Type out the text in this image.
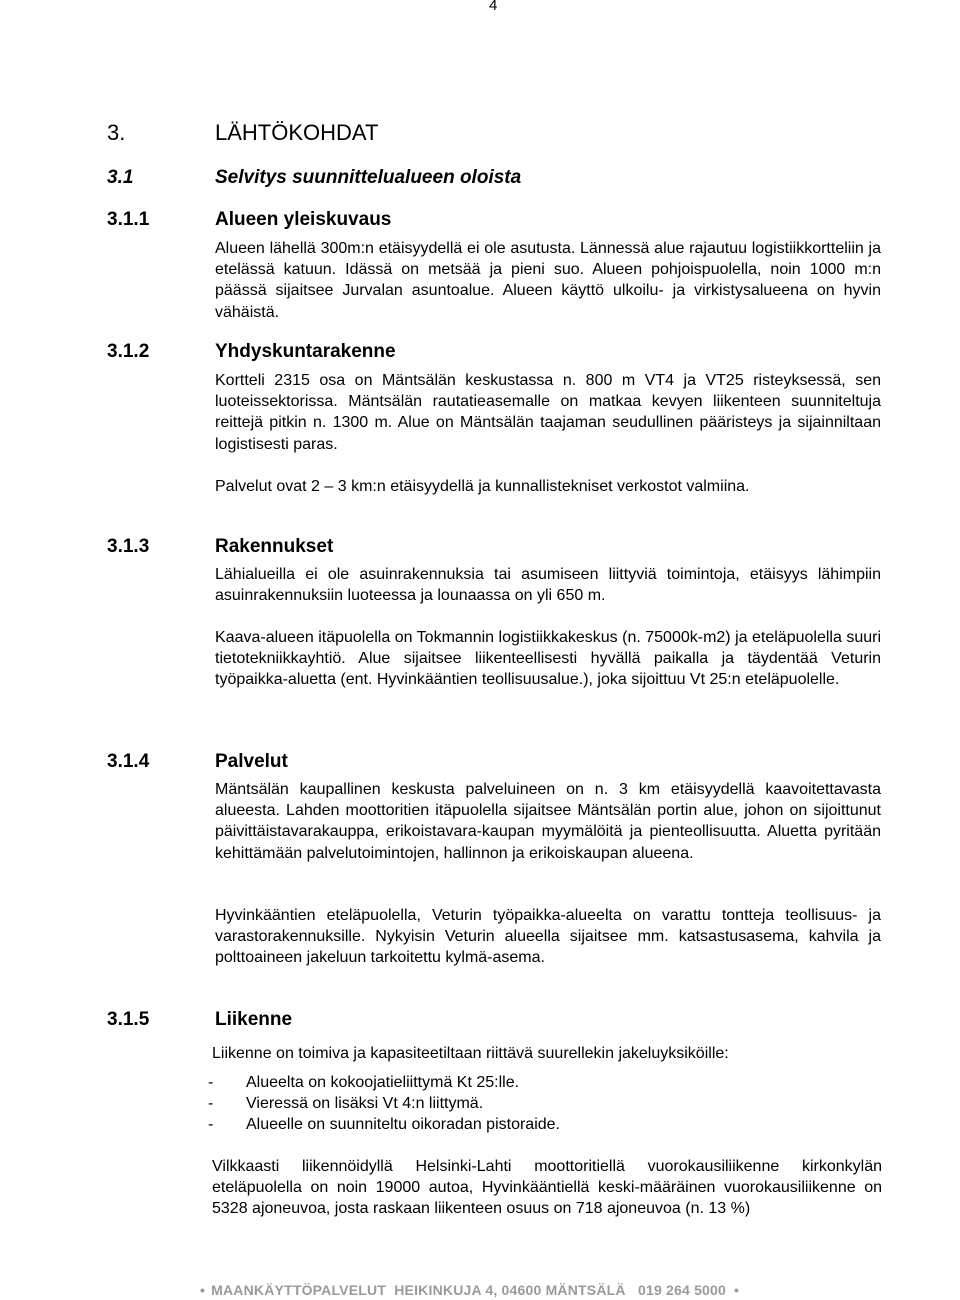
4
3.	LÄHTÖKOHDAT
3.1	Selvitys suunnittelualueen oloista
3.1.1	Alueen yleiskuvaus
Alueen lähellä 300m:n etäisyydellä ei ole asutusta. Lännessä alue rajautuu logistiikkortteliin ja etelässä katuun. Idässä on metsää ja pieni suo. Alueen pohjoispuolella, noin 1000 m:n päässä sijaitsee Jurvalan asuntoalue. Alueen käyttö ulkoilu- ja virkistysalueena on hyvin vähäistä.
3.1.2	Yhdyskuntarakenne
Kortteli 2315 osa on Mäntsälän keskustassa n. 800 m VT4 ja VT25 risteyksessä, sen luoteissektorissa. Mäntsälän rautatieasemalle on matkaa kevyen liikenteen suunniteltuja reittejä pitkin n. 1300 m. Alue on Mäntsälän taajaman seudullinen pääristeys ja sijainniltaan logistisesti paras.
Palvelut ovat 2 – 3 km:n etäisyydellä ja kunnallistekniset verkostot valmiina.
3.1.3	Rakennukset
Lähialueilla ei ole asuinrakennuksia tai asumiseen liittyviä toimintoja, etäisyys lähimpiin asuinrakennuksiin luoteessa ja lounaassa on yli 650 m.
Kaava-alueen itäpuolella on Tokmannin logistiikkakeskus (n. 75000k-m2) ja eteläpuolella suuri tietotekniikkayhtiö. Alue sijaitsee liikenteellisesti hyvällä paikalla ja täydentää Veturin työpaikka-aluetta (ent. Hyvinkääntien teollisuusalue.), joka sijoittuu Vt 25:n eteläpuolelle.
3.1.4	Palvelut
Mäntsälän kaupallinen keskusta palveluineen on n. 3 km etäisyydellä kaavoitettavasta alueesta. Lahden moottoritien itäpuolella sijaitsee Mäntsälän portin alue, johon on sijoittunut päivittäistavarakauppa, erikoistavara-kaupan myymälöitä ja pienteollisuutta. Aluetta pyritään kehittämään palvelutoimintojen, hallinnon ja erikoiskaupan alueena.
Hyvinkääntien eteläpuolella, Veturin työpaikka-alueelta on varattu tontteja teollisuus- ja varastorakennuksille. Nykyisin Veturin alueella sijaitsee mm. katsastusasema, kahvila ja polttoaineen jakeluun tarkoitettu kylmä-asema.
3.1.5	Liikenne
Liikenne on toimiva ja kapasiteetiltaan riittävä suurellekin jakeluyksiköille:
- Alueelta on kokoojatieliittymä Kt 25:lle.
- Vieressä on lisäksi Vt 4:n liittymä.
- Alueelle on suunniteltu oikoradan pistoraide.
Vilkkaasti liikennöidyllä Helsinki-Lahti moottoritiellä vuorokausiliikenne kirkonkylän eteläpuolella on noin 19000 autoa, Hyvinkääntiellä keski-määräinen vuorokausiliikenne on 5328 ajoneuvoa, josta raskaan liikenteen osuus on 718 ajoneuvoa (n. 13 %)
• MAANKÄYTTÖPALVELUT  HEIKINKUJA 4, 04600 MÄNTSÄLÄ   019 264 5000 •
